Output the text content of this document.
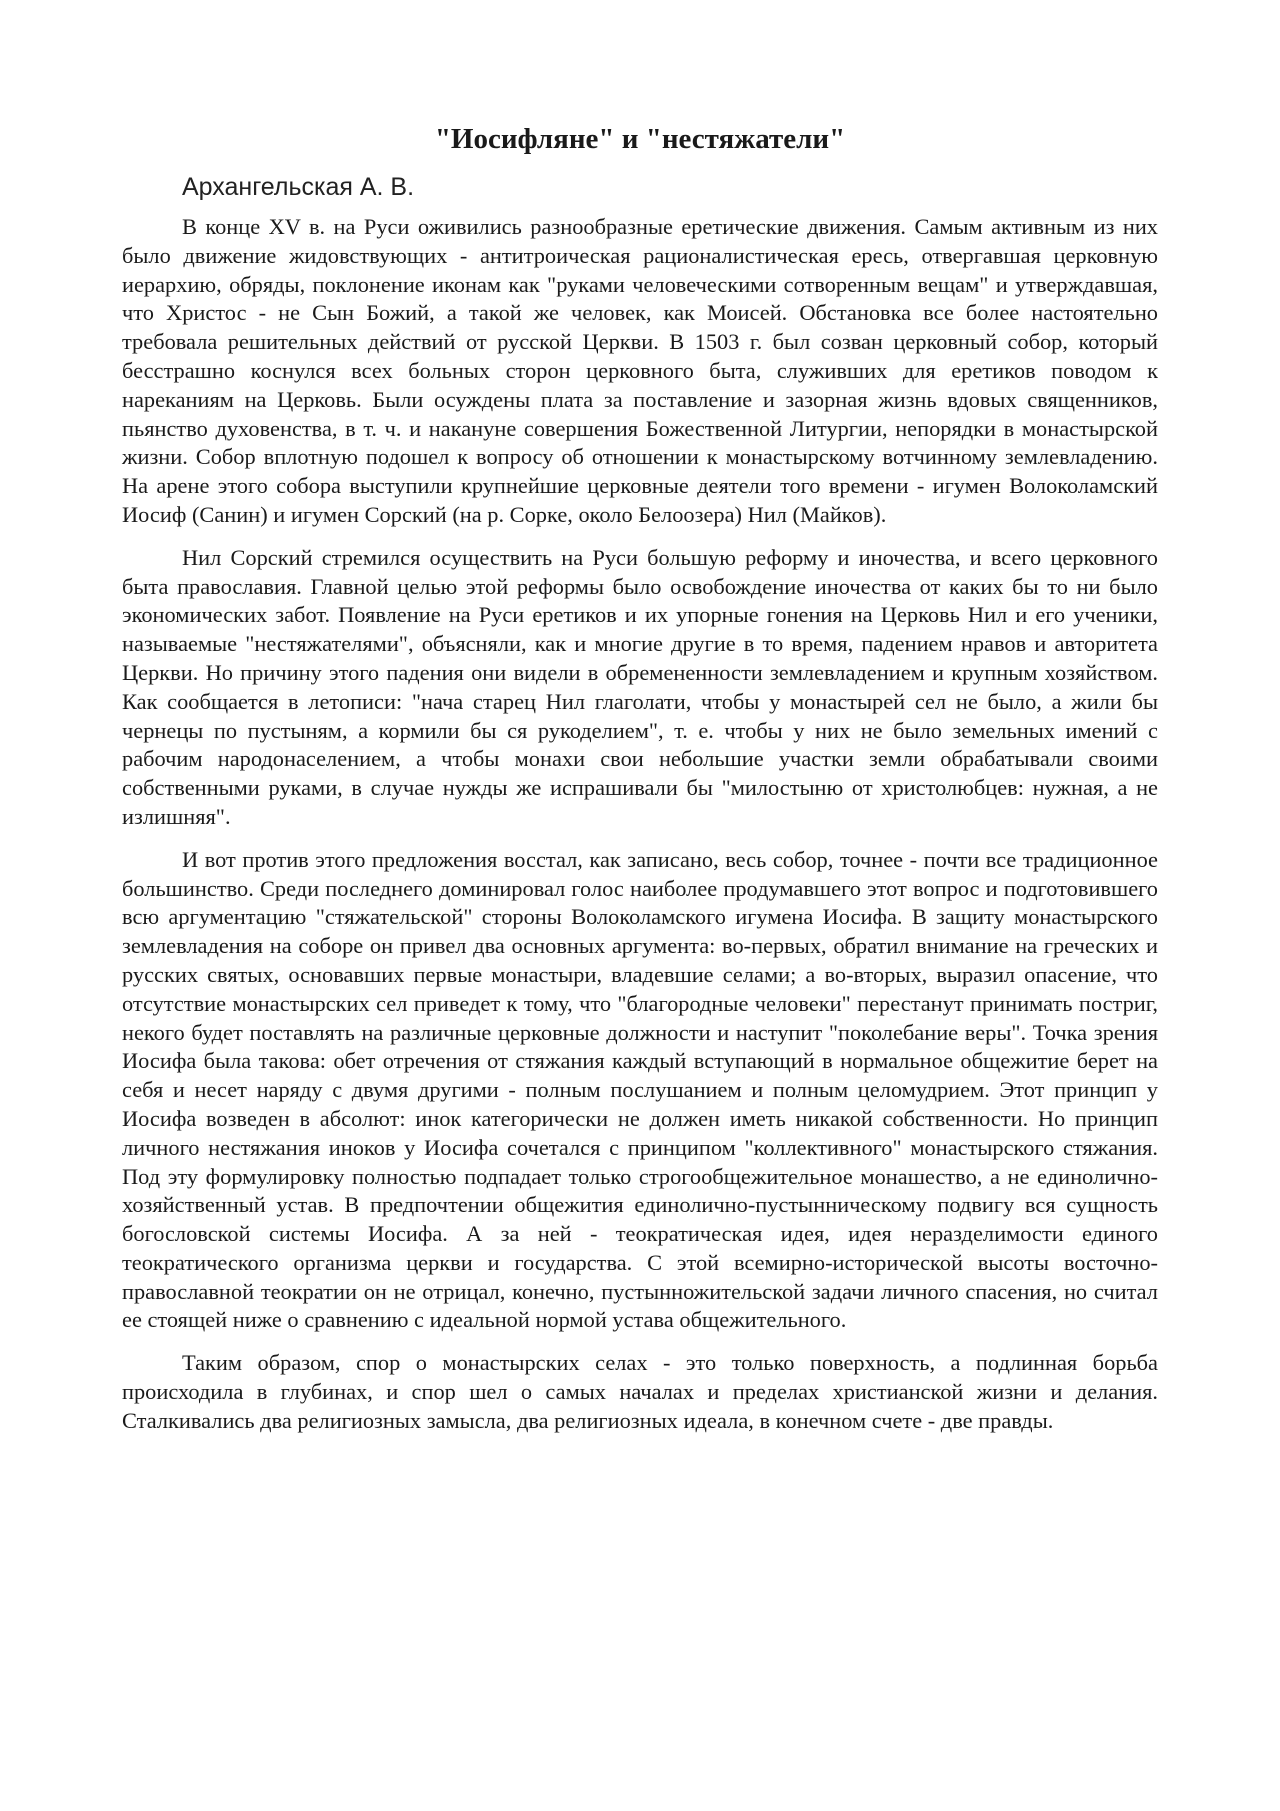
"Иосифляне" и "нестяжатели"
Архангельская А. В.

В конце XV в. на Руси оживились разнообразные еретические движения. Самым активным из них было движение жидовствующих - антитроическая рационалистическая ересь, отвергавшая церковную иерархию, обряды, поклонение иконам как "руками человеческими сотворенным вещам" и утверждавшая, что Христос - не Сын Божий, а такой же человек, как Моисей. Обстановка все более настоятельно требовала решительных действий от русской Церкви. В 1503 г. был созван церковный собор, который бесстрашно коснулся всех больных сторон церковного быта, служивших для еретиков поводом к нареканиям на Церковь. Были осуждены плата за поставление и зазорная жизнь вдовых священников, пьянство духовенства, в т. ч. и накануне совершения Божественной Литургии, непорядки в монастырской жизни. Собор вплотную подошел к вопросу об отношении к монастырскому вотчинному землевладению. На арене этого собора выступили крупнейшие церковные деятели того времени - игумен Волоколамский Иосиф (Санин) и игумен Сорский (на р. Сорке, около Белоозера) Нил (Майков).

Нил Сорский стремился осуществить на Руси большую реформу и иночества, и всего церковного быта православия. Главной целью этой реформы было освобождение иночества от каких бы то ни было экономических забот. Появление на Руси еретиков и их упорные гонения на Церковь Нил и его ученики, называемые "нестяжателями", объясняли, как и многие другие в то время, падением нравов и авторитета Церкви. Но причину этого падения они видели в обремененности землевладением и крупным хозяйством. Как сообщается в летописи: "нача старец Нил глаголати, чтобы у монастырей сел не было, а жили бы чернецы по пустыням, а кормили бы ся рукоделием", т. е. чтобы у них не было земельных имений с рабочим народонаселением, а чтобы монахи свои небольшие участки земли обрабатывали своими собственными руками, в случае нужды же испрашивали бы "милостыню от христолюбцев: нужная, а не излишняя".

И вот против этого предложения восстал, как записано, весь собор, точнее - почти все традиционное большинство. Среди последнего доминировал голос наиболее продумавшего этот вопрос и подготовившего всю аргументацию "стяжательской" стороны Волоколамского игумена Иосифа. В защиту монастырского землевладения на соборе он привел два основных аргумента: во-первых, обратил внимание на греческих и русских святых, основавших первые монастыри, владевшие селами; а во-вторых, выразил опасение, что отсутствие монастырских сел приведет к тому, что "благородные человеки" перестанут принимать постриг, некого будет поставлять на различные церковные должности и наступит "поколебание веры". Точка зрения Иосифа была такова: обет отречения от стяжания каждый вступающий в нормальное общежитие берет на себя и несет наряду с двумя другими - полным послушанием и полным целомудрием. Этот принцип у Иосифа возведен в абсолют: инок категорически не должен иметь никакой собственности. Но принцип личного нестяжания иноков у Иосифа сочетался с принципом "коллективного" монастырского стяжания. Под эту формулировку полностью подпадает только строгообщежительное монашество, а не единолично-хозяйственный устав. В предпочтении общежития единолично-пустынническому подвигу вся сущность богословской системы Иосифа. А за ней - теократическая идея, идея неразделимости единого теократического организма церкви и государства. С этой всемирно-исторической высоты восточно-православной теократии он не отрицал, конечно, пустынножительской задачи личного спасения, но считал ее стоящей ниже о сравнению с идеальной нормой устава общежительного.

Таким образом, спор о монастырских селах - это только поверхность, а подлинная борьба происходила в глубинах, и спор шел о самых началах и пределах христианской жизни и делания. Сталкивались два религиозных замысла, два религиозных идеала, в конечном счете - две правды.
